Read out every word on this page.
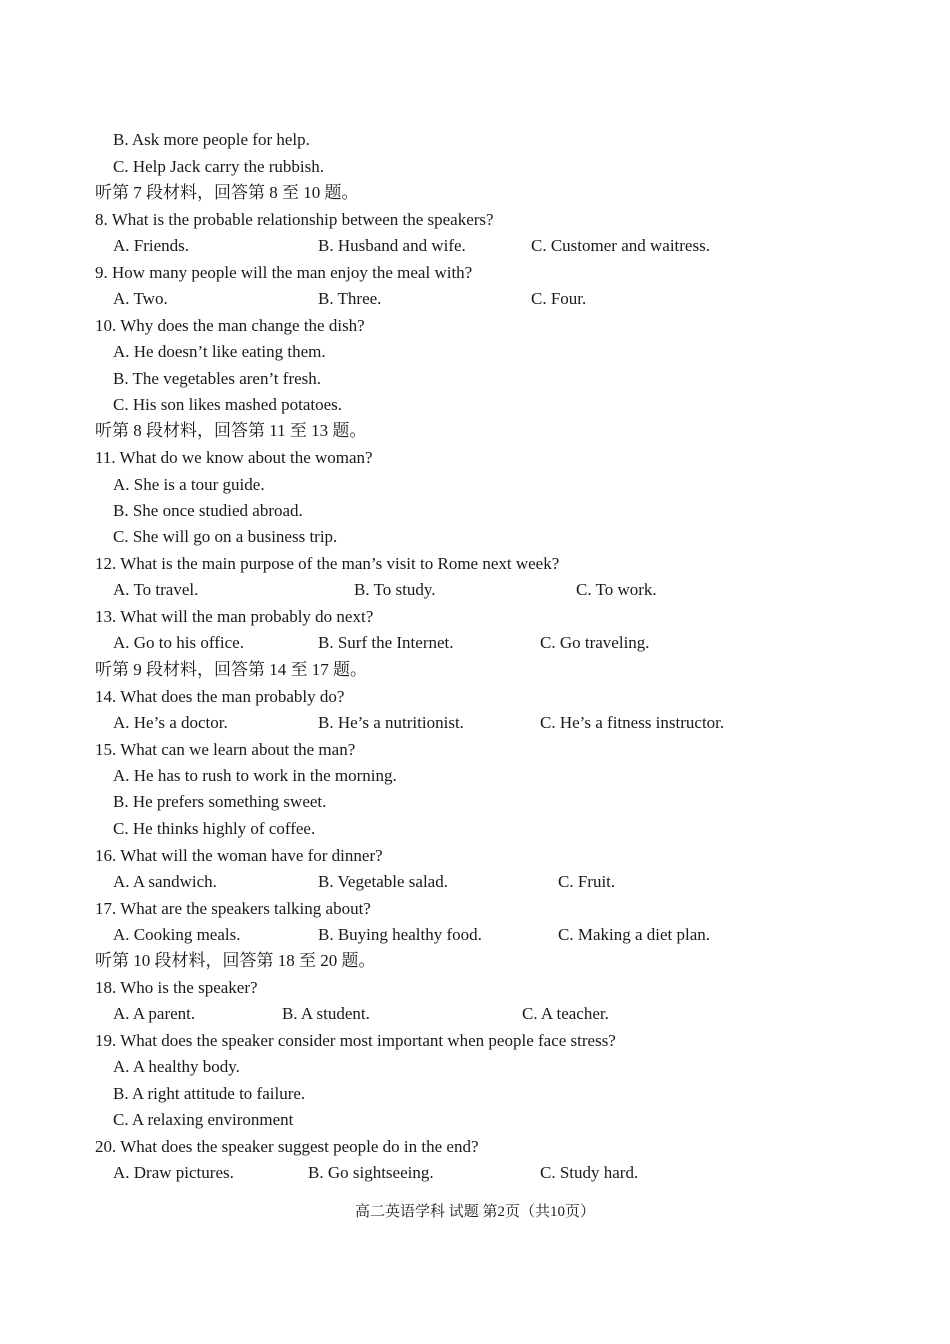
B. Ask more people for help.
C. Help Jack carry the rubbish.
听第 7 段材料，回答第 8 至 10 题。
8. What is the probable relationship between the speakers?
A. Friends.	B. Husband and wife.	C. Customer and waitress.
9. How many people will the man enjoy the meal with?
A. Two.	B. Three.	C. Four.
10. Why does the man change the dish?
A. He doesn’t like eating them.
B. The vegetables aren’t fresh.
C. His son likes mashed potatoes.
听第 8 段材料，回答第 11 至 13 题。
11. What do we know about the woman?
A. She is a tour guide.
B. She once studied abroad.
C. She will go on a business trip.
12. What is the main purpose of the man’s visit to Rome next week?
A. To travel.	B. To study.	C. To work.
13. What will the man probably do next?
A. Go to his office.	B. Surf the Internet.	C. Go traveling.
听第 9 段材料，回答第 14 至 17 题。
14. What does the man probably do?
A. He’s a doctor.	B. He’s a nutritionist.	C. He’s a fitness instructor.
15. What can we learn about the man?
A. He has to rush to work in the morning.
B. He prefers something sweet.
C. He thinks highly of coffee.
16. What will the woman have for dinner?
A. A sandwich.	B. Vegetable salad.	C. Fruit.
17. What are the speakers talking about?
A. Cooking meals.	B. Buying healthy food.	C. Making a diet plan.
听第 10 段材料，回答第 18 至 20 题。
18. Who is the speaker?
A. A parent.	B. A student.	C. A teacher.
19. What does the speaker consider most important when people face stress?
A. A healthy body.
B. A right attitude to failure.
C. A relaxing environment
20. What does the speaker suggest people do in the end?
A. Draw pictures.	B. Go sightseeing.	C. Study hard.
高二英语学科 试题 第2页（共10页）
